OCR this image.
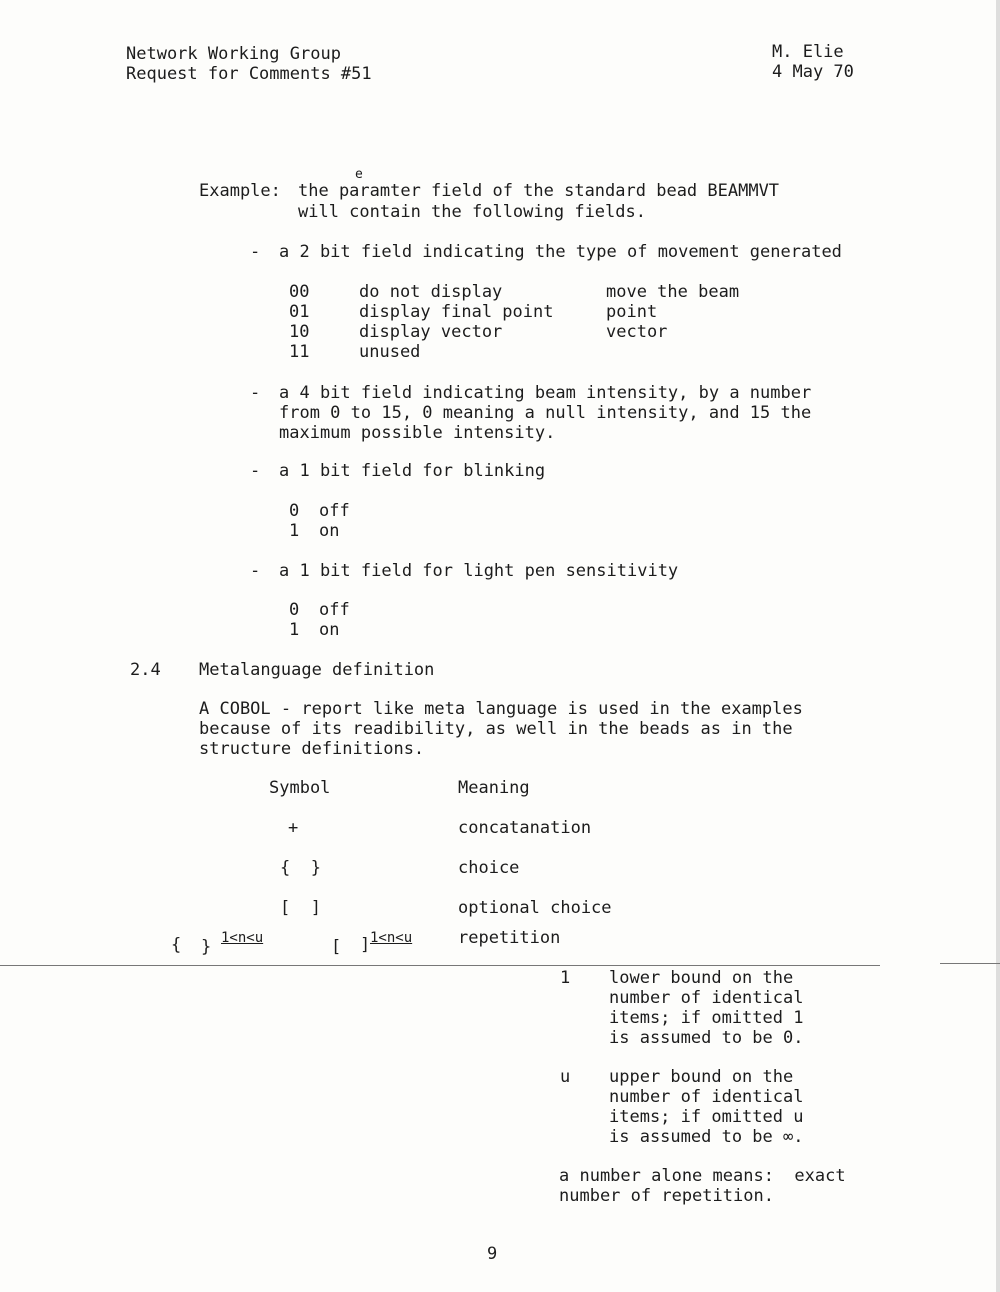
Network Working Group
Request for Comments #51
M. Elie
4 May 70
Example: the paramter field of the standard bead BEAMMVT
e
will contain the following fields.
- a 2 bit field indicating the type of movement generated
00	do not display	move the beam
01	display final point	point
10	display vector	vector
11	unused
- a 4 bit field indicating beam intensity, by a number
from 0 to 15, 0 meaning a null intensity, and 15 the
maximum possible intensity.
- a 1 bit field for blinking
0 off
1 on
- a 1 bit field for light pen sensitivity
0 off
1 on
2.4 Metalanguage definition
A COBOL - report like meta language is used in the examples
because of its readibility, as well in the beads as in the
structure definitions.
Symbol	Meaning
+	concatanation
{  }	choice
[  ]	optional choice
{ } 1<n<u	[ ] 1<n<u	repetition
1 lower bound on the
number of identical
items; if omitted 1
is assumed to be 0.
u upper bound on the
number of identical
items; if omitted u
is assumed to be ∞.
a number alone means:  exact
number of repetition.
9
